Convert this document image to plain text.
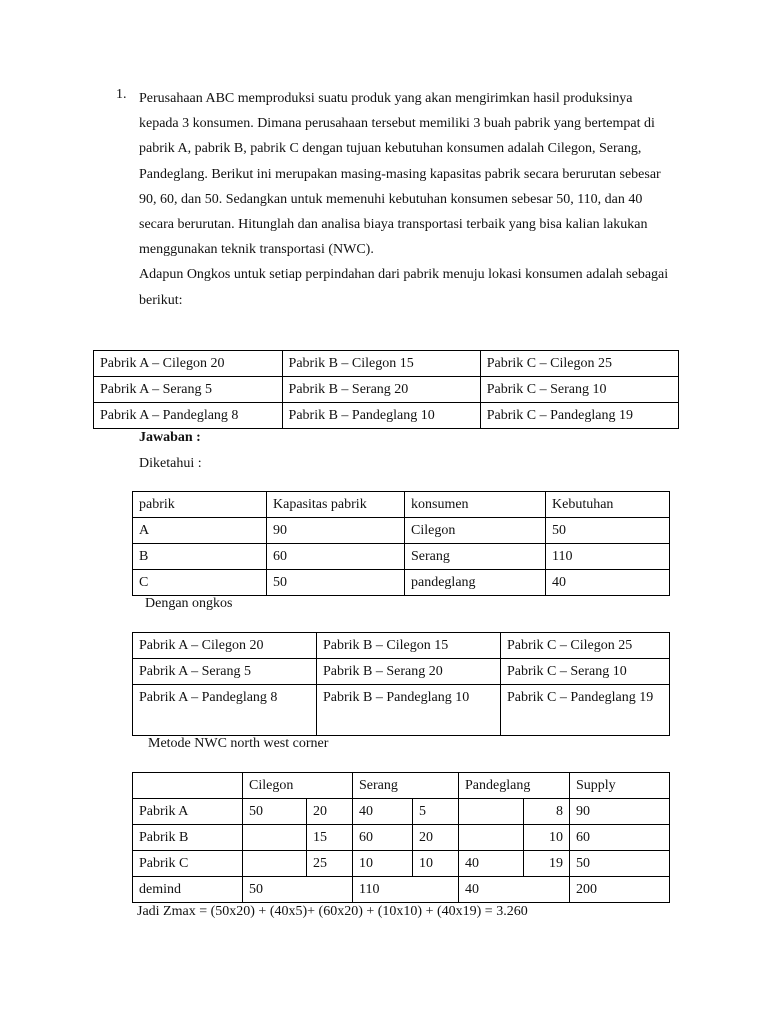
1. Perusahaan ABC memproduksi suatu produk yang akan mengirimkan hasil produksinya kepada 3 konsumen. Dimana perusahaan tersebut memiliki 3 buah pabrik yang bertempat di pabrik A, pabrik B, pabrik C dengan tujuan kebutuhan konsumen adalah Cilegon, Serang, Pandeglang. Berikut ini merupakan masing-masing kapasitas pabrik secara berurutan sebesar 90, 60, dan 50. Sedangkan untuk memenuhi kebutuhan konsumen sebesar 50, 110, dan 40 secara berurutan. Hitunglah dan analisa biaya transportasi terbaik yang bisa kalian lakukan menggunakan teknik transportasi (NWC).

Adapun Ongkos untuk setiap perpindahan dari pabrik menuju lokasi konsumen adalah sebagai berikut:

Pabrik A – Cilegon 20	Pabrik B – Cilegon 15	Pabrik C – Cilegon 25
Pabrik A – Serang 5	Pabrik B – Serang 20	Pabrik C – Serang 10
Pabrik A – Pandeglang 8	Pabrik B – Pandeglang 10	Pabrik C – Pandeglang 19
Jawaban :
Diketahui :
pabrik	Kapasitas pabrik	konsumen	Kebutuhan
A	90	Cilegon	50
B	60	Serang	110
C	50	pandeglang	40
Dengan ongkos
Pabrik A – Cilegon 20	Pabrik B – Cilegon 15	Pabrik C – Cilegon 25
Pabrik A – Serang 5	Pabrik B – Serang 20	Pabrik C – Serang 10
Pabrik A – Pandeglang 8	Pabrik B – Pandeglang 10	Pabrik C – Pandeglang 19
Metode NWC north west corner
	Cilegon		Serang		Pandeglang		Supply
Pabrik A	50	20	40	5		8	90
Pabrik B		15	60	20		10	60
Pabrik C		25	10	10	40	19	50
demind	50		110		40		200
Jadi Zmax = (50x20) + (40x5)+ (60x20) + (10x10) + (40x19) = 3.260
